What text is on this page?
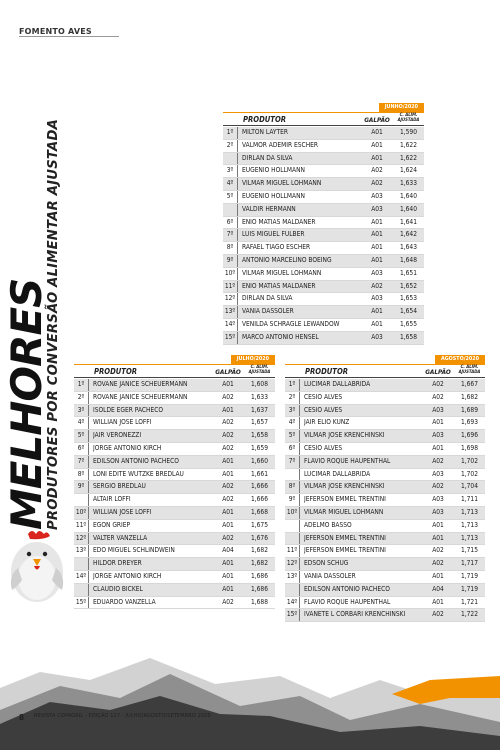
FOMENTO AVES
MELHORES
PRODUTORES POR CONVERSÃO ALIMENTAR AJUSTADA
JUNHO/2020
PRODUTOR	GALPÃO
C. ALIM.
AJUSTADA
1º	MILTON LAYTER	A01	1,590
2º	VALMOR ADEMIR ESCHER	A01	1,622
DIRLAN DA SILVA	A01	1,622
3º	EUGENIO HOLLMANN	A02	1,624
4º	VILMAR MIGUEL LOHMANN	A02	1,633
5º	EUGENIO HOLLMANN	A03	1,640
VALDIR HERMANN	A03	1,640
6º	ENIO MATIAS MALDANER	A01	1,641
7º	LUIS MIGUEL FULBER	A01	1,642
8º	RAFAEL TIAGO ESCHER	A01	1,643
9º	ANTONIO MARCELINO BOEING	A01	1,648
10º	VILMAR MIGUEL LOHMANN	A03	1,651
11º	ENIO MATIAS MALDANER	A02	1,652
12º	DIRLAN DA SILVA	A03	1,653
13º	VANIA DASSOLER	A01	1,654
14º	VENILDA SCHRAGLE LEWANDOW	A01	1,655
15º	MARCO ANTONIO HENSEL	A03	1,658
JULHO/2020
PRODUTOR	GALPÃO
C. ALIM.
AJUSTADA
1º	ROVANE JANICE SCHEUERMANN	A01	1,608
2º	ROVANE JANICE SCHEUERMANN	A02	1,633
3º	ISOLDE EGER PACHECO	A01	1,637
4º	WILLIAN JOSE LOFFI	A02	1,657
5º	JAIR VERONEZZI	A02	1,658
6º	JORGE ANTONIO KIRCH	A02	1,659
7º	EDILSON ANTONIO PACHECO	A01	1,660
8º	LONI EDITE WUTZKE BREDLAU	A01	1,661
9º	SERGIO BREDLAU	A02	1,666
ALTAIR LOFFI	A02	1,666
10º	WILLIAN JOSE LOFFI	A01	1,668
11º	EGON GRIEP	A01	1,675
12º	VALTER VANZELLA	A02	1,676
13º	EDO MIGUEL SCHLINDWEIN	A04	1,682
HILDOR DREYER	A01	1,682
14º	JORGE ANTONIO KIRCH	A01	1,686
CLAUDIO BICKEL	A01	1,686
15º	EDUARDO VANZELLA	A02	1,688
AGOSTO/2020
PRODUTOR	GALPÃO
C. ALIM.
AJUSTADA
1º	LUCIMAR DALLABRIDA	A02	1,667
2º	CESIO ALVES	A02	1,682
3º	CESIO ALVES	A03	1,689
4º	JAIR ELIO KUNZ	A01	1,693
5º	VILMAR JOSE KRENCHINSKI	A03	1,696
6º	CESIO ALVES	A01	1,698
7º	FLAVIO ROQUE HAUPENTHAL	A02	1,702
LUCIMAR DALLABRIDA	A03	1,702
8º	VILMAR JOSE KRENCHINSKI	A02	1,704
9º	JEFERSON EMMEL TRENTINI	A03	1,711
10º	VILMAR MIGUEL LOHMANN	A03	1,713
ADELMO BASSO	A01	1,713
JEFERSON EMMEL TRENTINI	A01	1,713
11º	JEFERSON EMMEL TRENTINI	A02	1,715
12º	EDSON SCHUG	A02	1,717
13º	VANIA DASSOLER	A01	1,719
EDILSON ANTONIO PACHECO	A04	1,719
14º	FLAVIO ROQUE HAUPENTHAL	A01	1,721
15º	IVANETE L CORBARI KRENCHINSKI	A02	1,722
8 REVISTA COPAGRIL - EDIÇÃO 117 - JULHO/AGOSTO/SETEMBRO 2020
